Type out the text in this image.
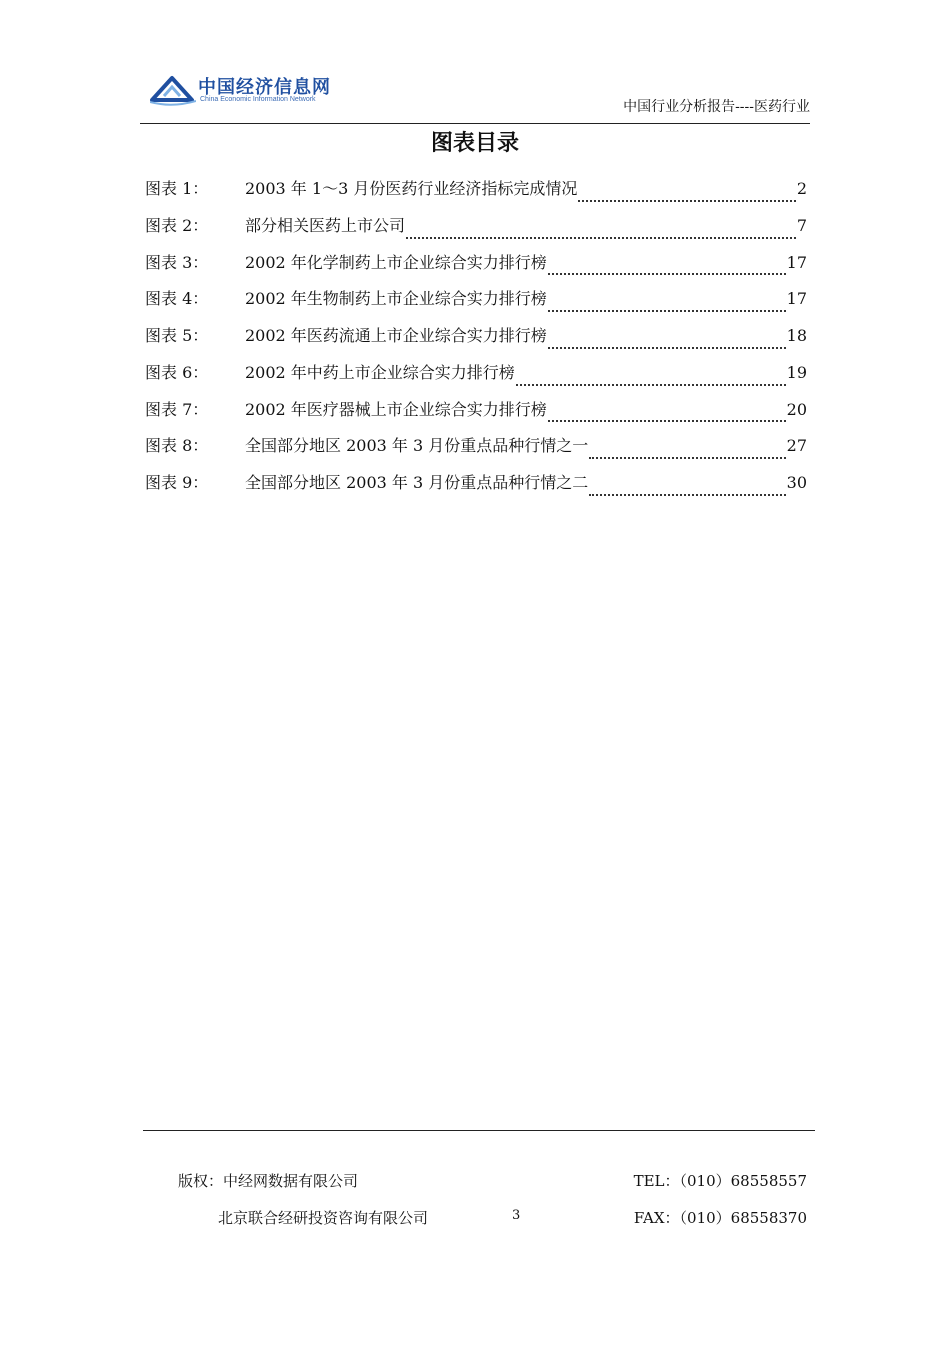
中国经济信息网
China Economic Information Network	中国行业分析报告----医药行业
图表目录
图表 1：	2003 年 1～3 月份医药行业经济指标完成情况	2
图表 2：	部分相关医药上市公司	7
图表 3：	2002 年化学制药上市企业综合实力排行榜	17
图表 4：	2002 年生物制药上市企业综合实力排行榜	17
图表 5：	2002 年医药流通上市企业综合实力排行榜	18
图表 6：	2002 年中药上市企业综合实力排行榜	19
图表 7：	2002 年医疗器械上市企业综合实力排行榜	20
图表 8：	全国部分地区 2003 年 3 月份重点品种行情之一	27
图表 9：	全国部分地区 2003 年 3 月份重点品种行情之二	30
版权：中经网数据有限公司	TEL：（010）68558557
北京联合经研投资咨询有限公司	3	FAX：（010）68558370
